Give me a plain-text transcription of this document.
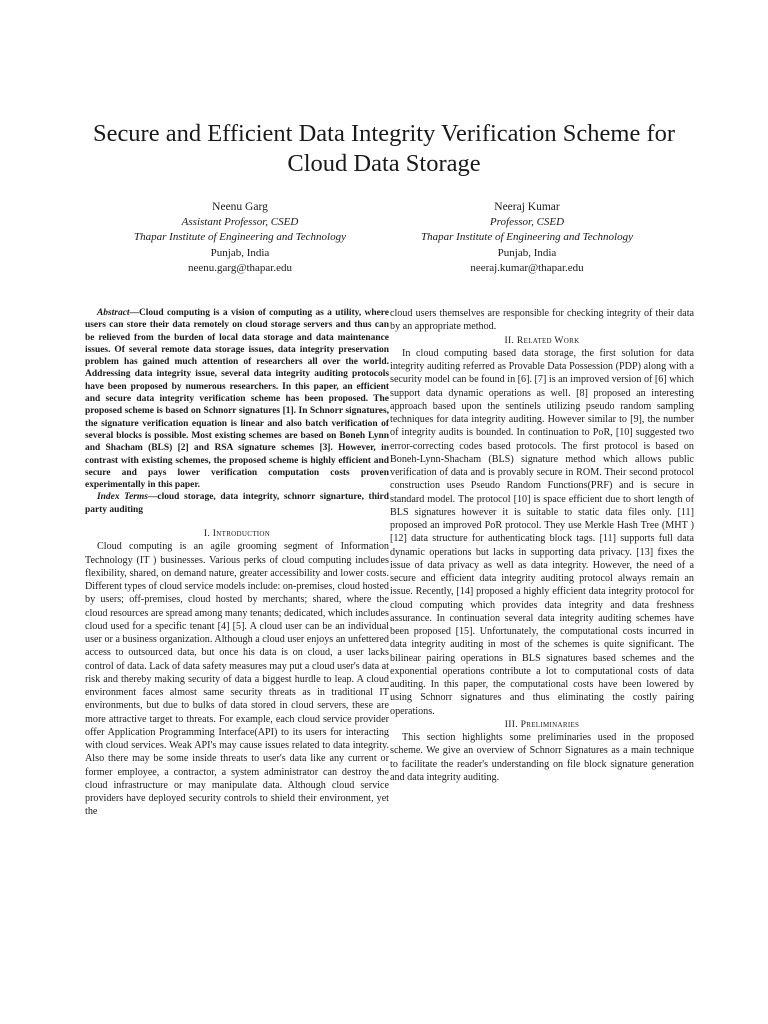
Secure and Efficient Data Integrity Verification Scheme for Cloud Data Storage
Neenu Garg
Assistant Professor, CSED
Thapar Institute of Engineering and Technology
Punjab, India
neenu.garg@thapar.edu
Neeraj Kumar
Professor, CSED
Thapar Institute of Engineering and Technology
Punjab, India
neeraj.kumar@thapar.edu

Abstract—Cloud computing is a vision of computing as a utility, where users can store their data remotely on cloud storage servers and thus can be relieved from the burden of local data storage and data maintenance issues. Of several remote data storage issues, data integrity preservation problem has gained much attention of researchers all over the world. Addressing data integrity issue, several data integrity auditing protocols have been proposed by numerous researchers. In this paper, an efficient and secure data integrity verification scheme has been proposed. The proposed scheme is based on Schnorr signatures [1]. In Schnorr signatures, the signature verification equation is linear and also batch verification of several blocks is possible. Most existing schemes are based on Boneh Lynn and Shacham (BLS) [2] and RSA signature schemes [3]. However, in contrast with existing schemes, the proposed scheme is highly efficient and secure and pays lower verification computation costs proven experimentally in this paper.

Index Terms—cloud storage, data integrity, schnorr signarture, third party auditing

I. Introduction

Cloud computing is an agile grooming segment of Information Technology (IT ) businesses. Various perks of cloud computing includes flexibility, shared, on demand nature, greater accessibility and lower costs. Different types of cloud service models include: on-premises, cloud hosted by users; off-premises, cloud hosted by merchants; shared, where the cloud resources are spread among many tenants; dedicated, which includes cloud used for a specific tenant [4] [5]. A cloud user can be an individual user or a business organization. Although a cloud user enjoys an unfettered access to outsourced data, but once his data is on cloud, a user lacks control of data. Lack of data safety measures may put a cloud user's data at risk and thereby making security of data a biggest hurdle to leap. A cloud environment faces almost same security threats as in traditional IT environments, but due to bulks of data stored in cloud servers, these are more attractive target to threats. For example, each cloud service provider offer Application Programming Interface(API) to its users for interacting with cloud services. Weak API's may cause issues related to data integrity. Also there may be some inside threats to user's data like any current or former employee, a contractor, a system administrator can destroy the cloud infrastructure or may manipulate data. Although cloud service providers have deployed security controls to shield their environment, yet the

cloud users themselves are responsible for checking integrity of their data by an appropriate method.

II. Related Work

In cloud computing based data storage, the first solution for data integrity auditing referred as Provable Data Possession (PDP) along with a security model can be found in [6]. [7] is an improved version of [6] which support data dynamic operations as well. [8] proposed an interesting approach based upon the sentinels utilizing pseudo random sampling techniques for data integrity auditing. However similar to [9], the number of integrity audits is bounded. In continuation to PoR, [10] suggested two error-correcting codes based protocols. The first protocol is based on Boneh-Lynn-Shacham (BLS) signature method which allows public verification of data and is provably secure in ROM. Their second protocol construction uses Pseudo Random Functions(PRF) and is secure in standard model. The protocol [10] is space efficient due to short length of BLS signatures however it is suitable to static data files only. [11] proposed an improved PoR protocol. They use Merkle Hash Tree (MHT ) [12] data structure for authenticating block tags. [11] supports full data dynamic operations but lacks in supporting data privacy. [13] fixes the issue of data privacy as well as data integrity. However, the need of a secure and efficient data integrity auditing protocol always remain an issue. Recently, [14] proposed a highly efficient data integrity protocol for cloud computing which provides data integrity and data freshness assurance. In continuation several data integrity auditing schemes have been proposed [15]. Unfortunately, the computational costs incurred in data integrity auditing in most of the schemes is quite significant. The bilinear pairing operations in BLS signatures based schemes and the exponential operations contribute a lot to computational costs of data auditing. In this paper, the computational costs have been lowered by using Schnorr signatures and thus eliminating the costly pairing operations.

III. Preliminaries

This section highlights some preliminaries used in the proposed scheme. We give an overview of Schnorr Signatures as a main technique to facilitate the reader's understanding on file block signature generation and data integrity auditing.
